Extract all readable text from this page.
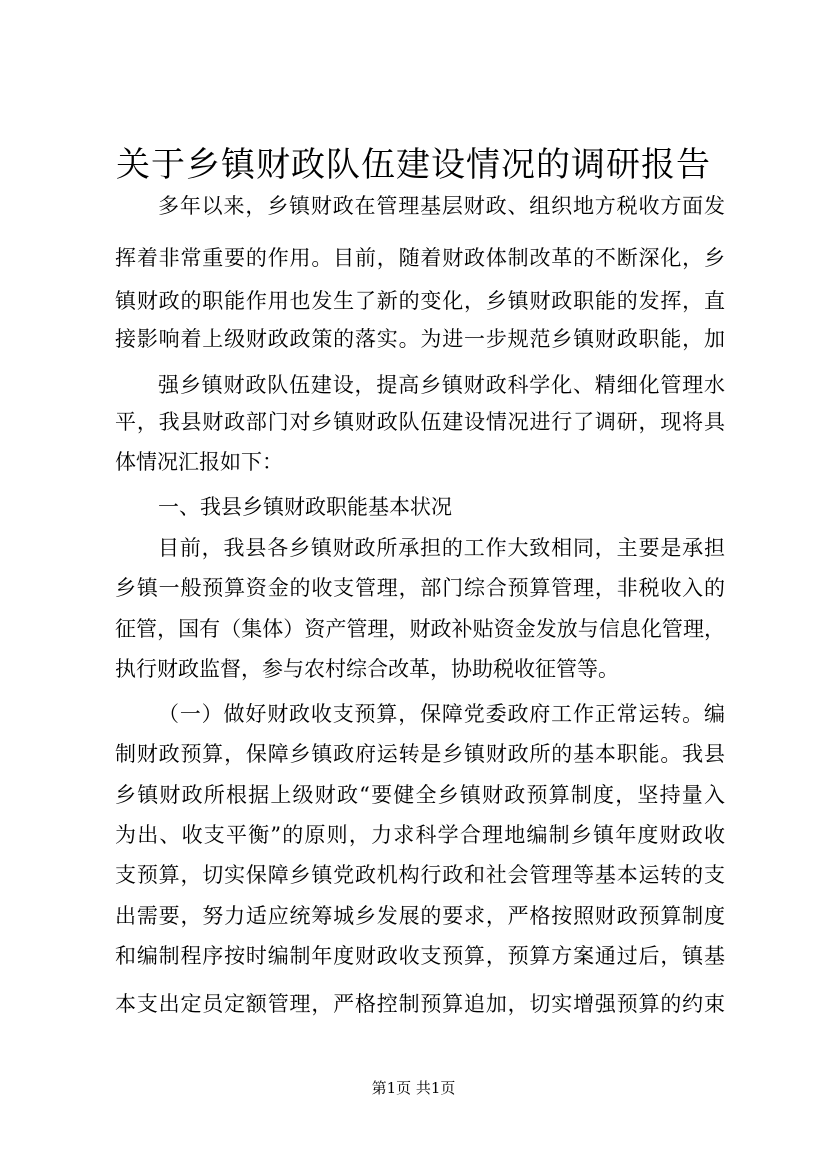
关于乡镇财政队伍建设情况的调研报告
多年以来，乡镇财政在管理基层财政、组织地方税收方面发
挥着非常重要的作用。目前，随着财政体制改革的不断深化，乡
镇财政的职能作用也发生了新的变化，乡镇财政职能的发挥，直
接影响着上级财政政策的落实。为进一步规范乡镇财政职能，加
强乡镇财政队伍建设，提高乡镇财政科学化、精细化管理水
平，我县财政部门对乡镇财政队伍建设情况进行了调研，现将具
体情况汇报如下：
一、我县乡镇财政职能基本状况
目前，我县各乡镇财政所承担的工作大致相同，主要是承担
乡镇一般预算资金的收支管理，部门综合预算管理，非税收入的
征管，国有（集体）资产管理，财政补贴资金发放与信息化管理，
执行财政监督，参与农村综合改革，协助税收征管等。
（一）做好财政收支预算，保障党委政府工作正常运转。编
制财政预算，保障乡镇政府运转是乡镇财政所的基本职能。我县
乡镇财政所根据上级财政“要健全乡镇财政预算制度，坚持量入
为出、收支平衡”的原则，力求科学合理地编制乡镇年度财政收
支预算，切实保障乡镇党政机构行政和社会管理等基本运转的支
出需要，努力适应统筹城乡发展的要求，严格按照财政预算制度
和编制程序按时编制年度财政收支预算，预算方案通过后，镇基
本支出定员定额管理，严格控制预算追加，切实增强预算的约束
第1页 共1页
